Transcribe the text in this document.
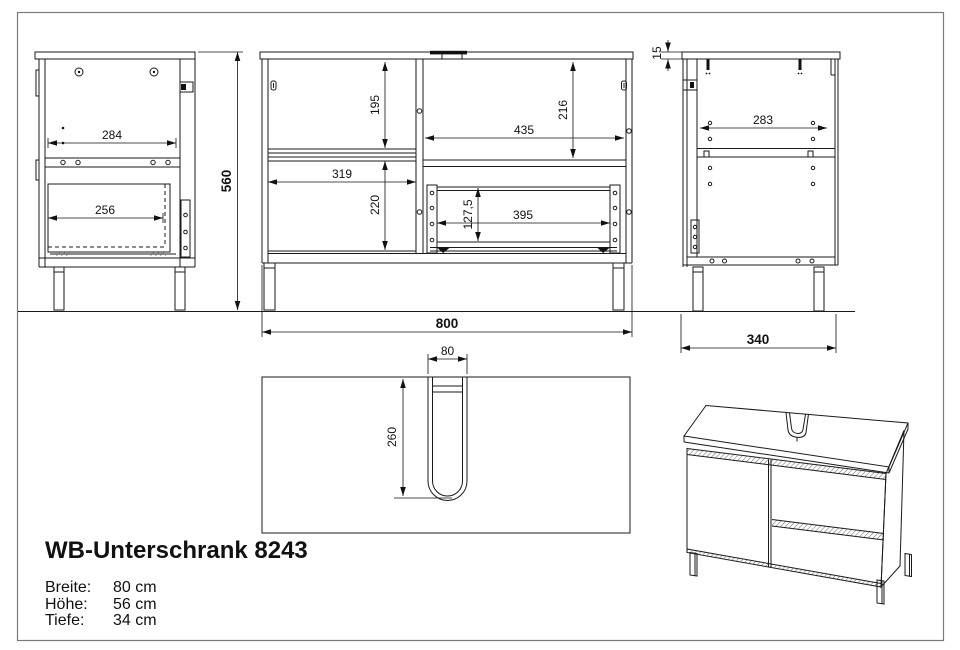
284
256
560
195
220
319
216
435
127,5	395
800
15
283
340
80
260
WB-Unterschrank 8243
Breite:	80 cm
Höhe:	56 cm
Tiefe:	34 cm
